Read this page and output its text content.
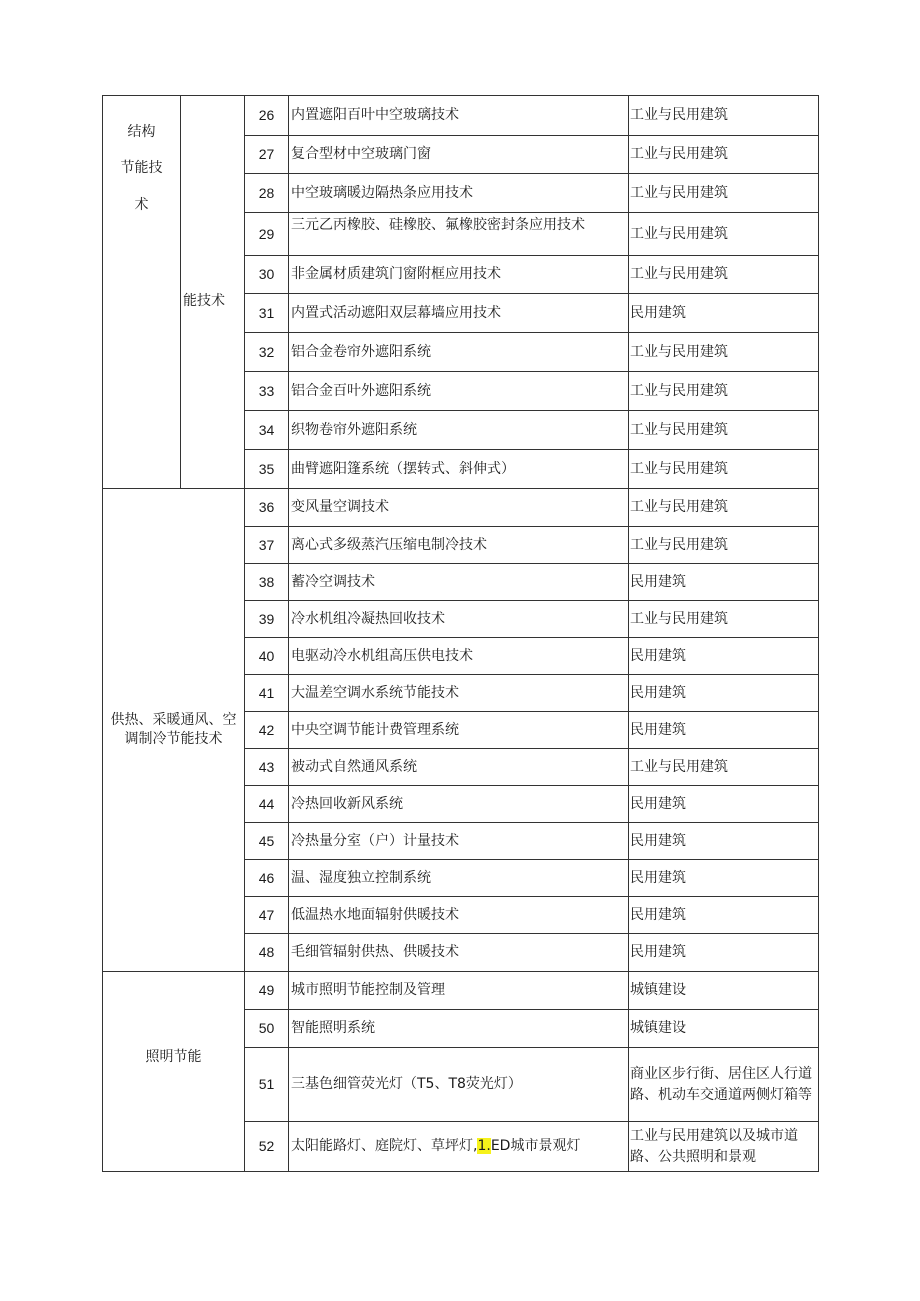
结构
节能技
术	能技术	26	内置遮阳百叶中空玻璃技术	工业与民用建筑
		27	复合型材中空玻璃门窗	工业与民用建筑
		28	中空玻璃暖边隔热条应用技术	工业与民用建筑
		29	三元乙丙橡胶、硅橡胶、氟橡胶密封条应用技术	工业与民用建筑
		30	非金属材质建筑门窗附框应用技术	工业与民用建筑
		31	内置式活动遮阳双层幕墙应用技术	民用建筑
		32	铝合金卷帘外遮阳系统	工业与民用建筑
		33	铝合金百叶外遮阳系统	工业与民用建筑
		34	织物卷帘外遮阳系统	工业与民用建筑
		35	曲臂遮阳篷系统（摆转式、斜伸式）	工业与民用建筑

供热、采暖通风、空
调制冷节能技术		36	变风量空调技术	工业与民用建筑
		37	离心式多级蒸汽压缩电制冷技术	工业与民用建筑
		38	蓄冷空调技术	民用建筑
		39	冷水机组冷凝热回收技术	工业与民用建筑
		40	电驱动冷水机组高压供电技术	民用建筑
		41	大温差空调水系统节能技术	民用建筑
		42	中央空调节能计费管理系统	民用建筑
		43	被动式自然通风系统	工业与民用建筑
		44	冷热回收新风系统	民用建筑
		45	冷热量分室（户）计量技术	民用建筑
		46	温、湿度独立控制系统	民用建筑
		47	低温热水地面辐射供暖技术	民用建筑
		48	毛细管辐射供热、供暖技术	民用建筑

照明节能		49	城市照明节能控制及管理	城镇建设
		50	智能照明系统	城镇建设
		51	三基色细管荧光灯（T5、T8荧光灯）	商业区步行街、居住区人行道路、机动车交通道两侧灯箱等
		52	太阳能路灯、庭院灯、草坪灯,1.ED城市景观灯	工业与民用建筑以及城市道路、公共照明和景观
